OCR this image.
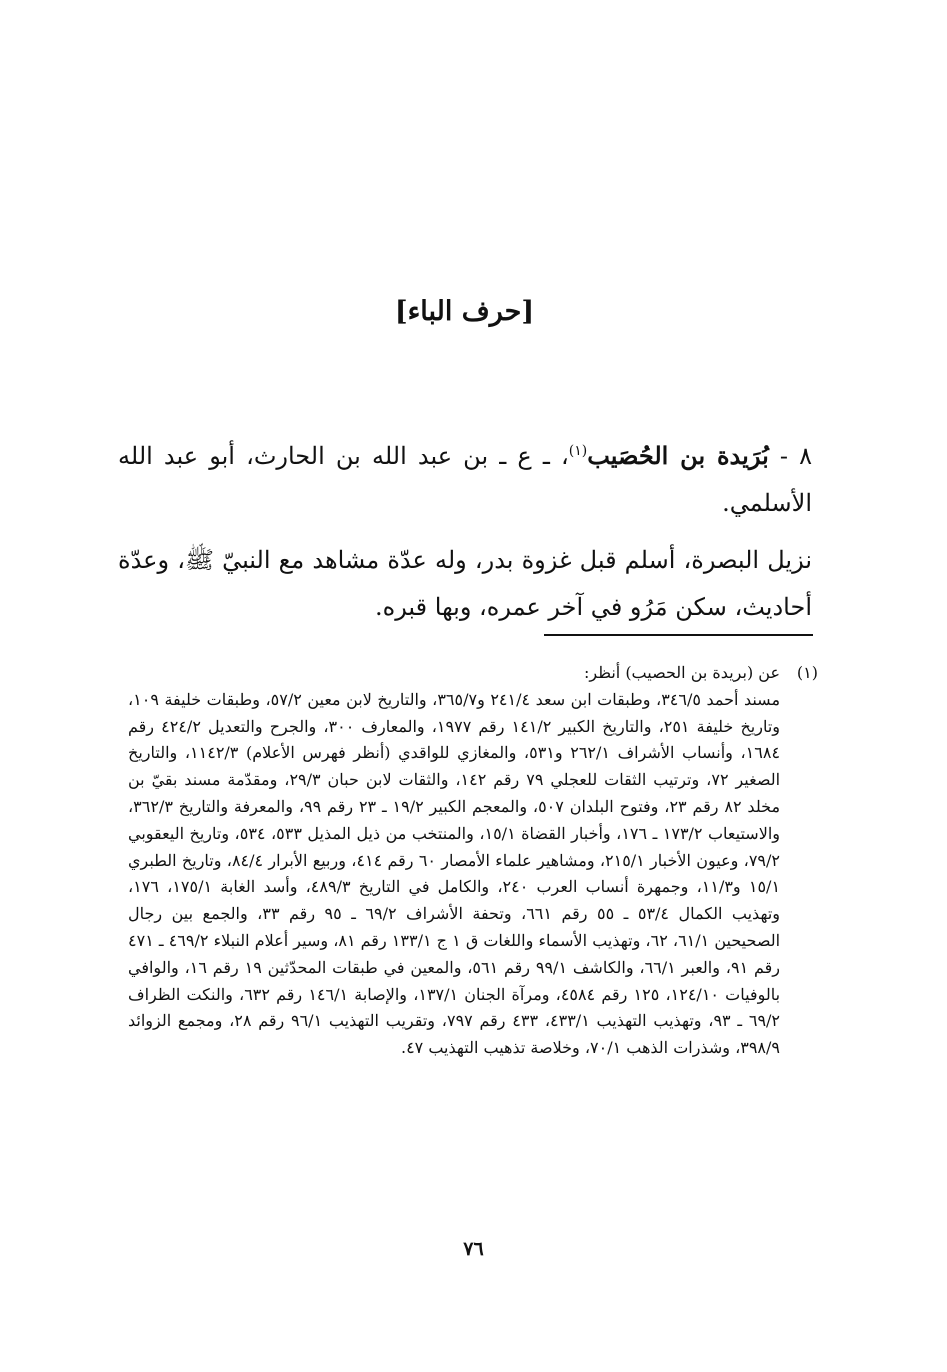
[حرف الباء]

٨ - بُرَيدة بن الحُصَيب$^{(١)}$، ـ ع ـ بن عبد الله بن الحارث، أبو عبد الله الأسلمي.

نزيل البصرة، أسلم قبل غزوة بدر، وله عدّة مشاهد مع النبيّ ﷺ، وعدّة أحاديث، سكن مَرُو في آخر عمره، وبها قبره.

(١)
عن (بريدة بن الحصيب) أنظر:

مسند أحمد ٣٤٦/٥، وطبقات ابن سعد ٢٤١/٤ و٣٦٥/٧، والتاريخ لابن معين ٥٧/٢، وطبقات خليفة ١٠٩، وتاريخ خليفة ٢٥١، والتاريخ الكبير ١٤١/٢ رقم ١٩٧٧، والمعارف ٣٠٠، والجرح والتعديل ٤٢٤/٢ رقم ١٦٨٤، وأنساب الأشراف ٢٦٢/١ و٥٣١، والمغازي للواقدي (أنظر فهرس الأعلام) ١١٤٢/٣، والتاريخ الصغير ٧٢، وترتيب الثقات للعجلي ٧٩ رقم ١٤٢، والثقات لابن حبان ٢٩/٣، ومقدّمة مسند بقيّ بن مخلد ٨٢ رقم ٢٣، وفتوح البلدان ٥٠٧، والمعجم الكبير ١٩/٢ ـ ٢٣ رقم ٩٩، والمعرفة والتاريخ ٣٦٢/٣، والاستيعاب ١٧٣/٢ ـ ١٧٦، وأخبار القضاة ١٥/١، والمنتخب من ذيل المذيل ٥٣٣، ٥٣٤، وتاريخ اليعقوبي ٧٩/٢، وعيون الأخبار ٢١٥/١، ومشاهير علماء الأمصار ٦٠ رقم ٤١٤، وربيع الأبرار ٨٤/٤، وتاريخ الطبري ١٥/١ و١١/٣، وجمهرة أنساب العرب ٢٤٠، والكامل في التاريخ ٤٨٩/٣، وأسد الغابة ١٧٥/١، ١٧٦، وتهذيب الكمال ٥٣/٤ ـ ٥٥ رقم ٦٦١، وتحفة الأشراف ٦٩/٢ ـ ٩٥ رقم ٣٣، والجمع بين رجال الصحيحين ٦١/١، ٦٢، وتهذيب الأسماء واللغات ق ١ ج ١٣٣/١ رقم ٨١، وسير أعلام النبلاء ٤٦٩/٢ ـ ٤٧١ رقم ٩١، والعبر ٦٦/١، والكاشف ٩٩/١ رقم ٥٦١، والمعين في طبقات المحدّثين ١٩ رقم ١٦، والوافي بالوفيات ١٢٤/١٠، ١٢٥ رقم ٤٥٨٤، ومرآة الجنان ١٣٧/١، والإصابة ١٤٦/١ رقم ٦٣٢، والنكت الظراف ٦٩/٢ ـ ٩٣، وتهذيب التهذيب ٤٣٣/١، ٤٣٣ رقم ٧٩٧، وتقريب التهذيب ٩٦/١ رقم ٢٨، ومجمع الزوائد ٣٩٨/٩، وشذرات الذهب ٧٠/١، وخلاصة تذهيب التهذيب ٤٧.

٧٦
